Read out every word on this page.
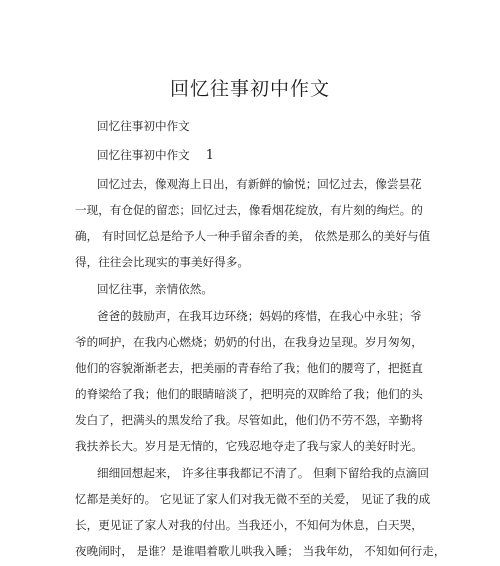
回忆往事初中作文
回忆往事初中作文
回忆往事初中作文 1
回忆过去，像观海上日出，有新鲜的愉悦；回忆过去，像尝昙花
一现，有仓促的留恋；回忆过去，像看烟花绽放，有片刻的绚烂。的
确， 有时回忆总是给予人一种手留余香的美， 依然是那么的美好与值
得，往往会比现实的事美好得多。
回忆往事，亲情依然。
爸爸的鼓励声，在我耳边环绕；妈妈的疼惜，在我心中永驻；爷
爷的呵护，在我内心燃烧；奶奶的付出，在我身边呈现。岁月匆匆，
他们的容貌渐渐老去，把美丽的青春给了我；他们的腰弯了，把挺直
的脊梁给了我；他们的眼睛暗淡了，把明亮的双眸给了我；他们的头
发白了，把满头的黑发给了我。尽管如此，他们仍不劳不怨，辛勤将
我扶养长大。岁月是无情的，它残忍地夺走了我与家人的美好时光。
细细回想起来， 许多往事我都记不清了。 但剩下留给我的点滴回
忆都是美好的。 它见证了家人们对我无微不至的关爱， 见证了我的成
长，更见证了家人对我的付出。当我还小，不知何为休息，白天哭，
夜晚闹时， 是谁？是谁唱着歌儿哄我入睡； 当我年幼， 不知如何行走，
